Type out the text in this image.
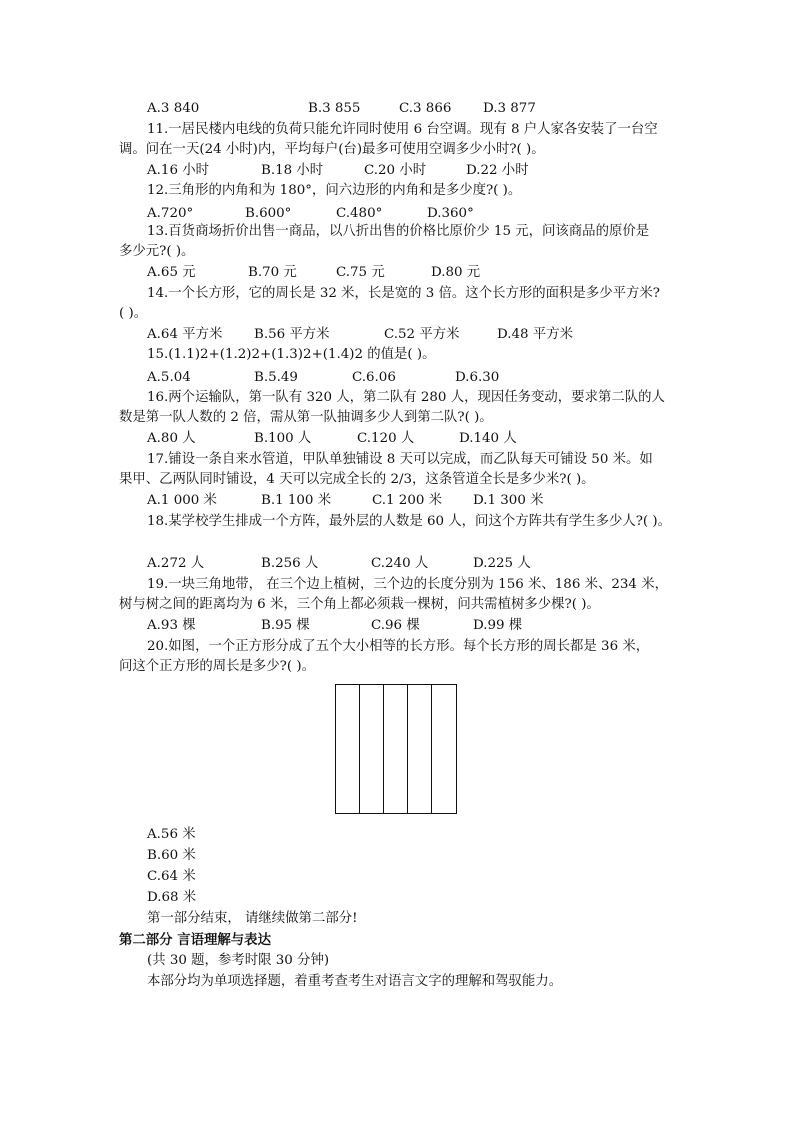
A.3 840	B.3 855	C.3 866 D.3 877
11.一居民楼内电线的负荷只能允许同时使用 6 台空调。现有 8 户人家各安装了一台空
调。问在一天(24 小时)内，平均每户(台)最多可使用空调多少小时?( )。
A.16 小时	B.18 小时	C.20 小时	D.22 小时
12.三角形的内角和为 180°，问六边形的内角和是多少度?( )。
A.720°	B.600°	C.480°	D.360°
13.百货商场折价出售一商品，以八折出售的价格比原价少 15 元，问该商品的原价是
多少元?( )。
A.65 元	B.70 元	C.75 元	D.80 元
14.一个长方形，它的周长是 32 米，长是宽的 3 倍。这个长方形的面积是多少平方米?
( )。
A.64 平方米 B.56 平方米	C.52 平方米	D.48 平方米
15.(1.1)2+(1.2)2+(1.3)2+(1.4)2 的值是( )。
A.5.04	B.5.49	C.6.06	D.6.30
16.两个运输队，第一队有 320 人，第二队有 280 人，现因任务变动，要求第二队的人
数是第一队人数的 2 倍，需从第一队抽调多少人到第二队?( )。
A.80 人	B.100 人	C.120 人	D.140 人
17.铺设一条自来水管道，甲队单独铺设 8 天可以完成，而乙队每天可铺设 50 米。如
果甲、乙两队同时铺设，4 天可以完成全长的 2/3，这条管道全长是多少米?( )。
A.1 000 米	B.1 100 米	C.1 200 米 D.1 300 米
18.某学校学生排成一个方阵，最外层的人数是 60 人，问这个方阵共有学生多少人?( )。
A.272 人	B.256 人	C.240 人	D.225 人
19.一块三角地带， 在三个边上植树，三个边的长度分别为 156 米、186 米、234 米，
树与树之间的距离均为 6 米，三个角上都必须栽一棵树，问共需植树多少棵?( )。
A.93 棵	B.95 棵	C.96 棵	D.99 棵
20.如图，一个正方形分成了五个大小相等的长方形。每个长方形的周长都是 36 米，
问这个正方形的周长是多少?( )。
A.56 米
B.60 米
C.64 米
D.68 米
第一部分结束， 请继续做第二部分!
第二部分 言语理解与表达
(共 30 题，参考时限 30 分钟)
本部分均为单项选择题，着重考查考生对语言文字的理解和驾驭能力。
